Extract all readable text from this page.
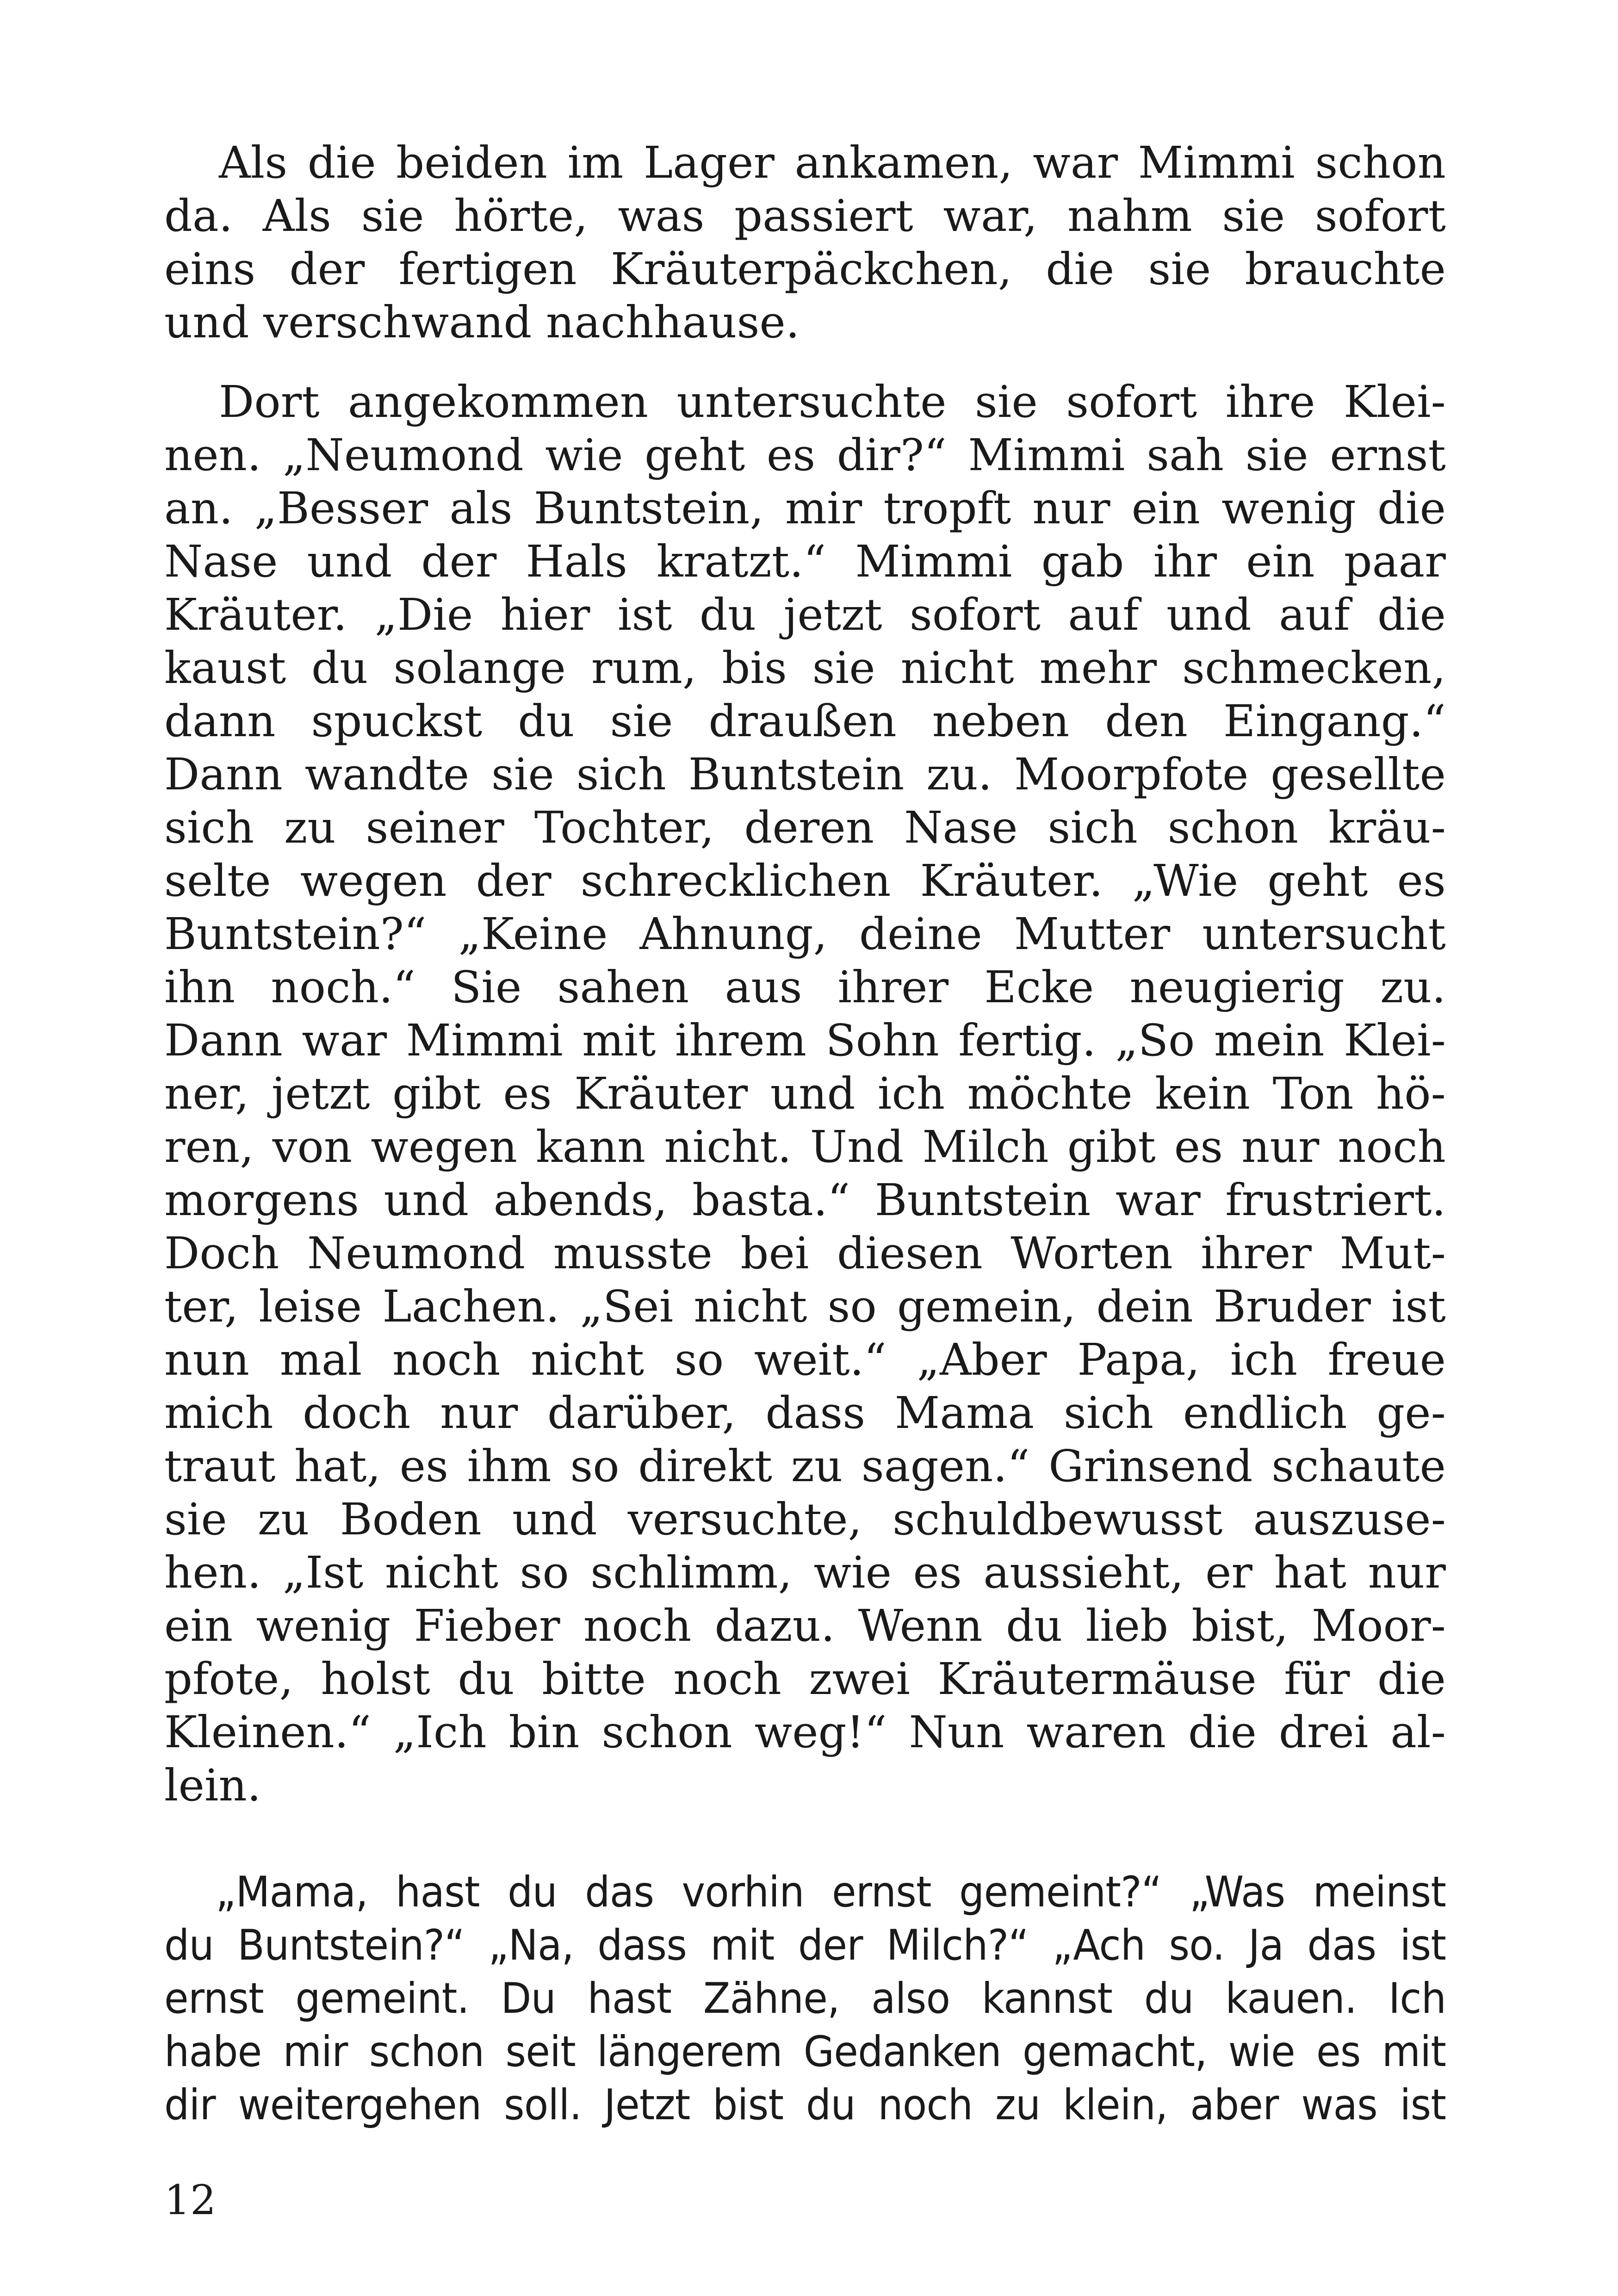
Als die beiden im Lager ankamen, war Mimmi schon
da. Als sie hörte, was passiert war, nahm sie sofort
eins der fertigen Kräuterpäckchen, die sie brauchte
und verschwand nachhause.
Dort angekommen untersuchte sie sofort ihre Klei-
nen. „Neumond wie geht es dir?“ Mimmi sah sie ernst
an. „Besser als Buntstein, mir tropft nur ein wenig die
Nase und der Hals kratzt.“ Mimmi gab ihr ein paar
Kräuter. „Die hier ist du jetzt sofort auf und auf die
kaust du solange rum, bis sie nicht mehr schmecken,
dann spuckst du sie draußen neben den Eingang.“
Dann wandte sie sich Buntstein zu. Moorpfote gesellte
sich zu seiner Tochter, deren Nase sich schon kräu-
selte wegen der schrecklichen Kräuter. „Wie geht es
Buntstein?“ „Keine Ahnung, deine Mutter untersucht
ihn noch.“ Sie sahen aus ihrer Ecke neugierig zu.
Dann war Mimmi mit ihrem Sohn fertig. „So mein Klei-
ner, jetzt gibt es Kräuter und ich möchte kein Ton hö-
ren, von wegen kann nicht. Und Milch gibt es nur noch
morgens und abends, basta.“ Buntstein war frustriert.
Doch Neumond musste bei diesen Worten ihrer Mut-
ter, leise Lachen. „Sei nicht so gemein, dein Bruder ist
nun mal noch nicht so weit.“ „Aber Papa, ich freue
mich doch nur darüber, dass Mama sich endlich ge-
traut hat, es ihm so direkt zu sagen.“ Grinsend schaute
sie zu Boden und versuchte, schuldbewusst auszuse-
hen. „Ist nicht so schlimm, wie es aussieht, er hat nur
ein wenig Fieber noch dazu. Wenn du lieb bist, Moor-
pfote, holst du bitte noch zwei Kräutermäuse für die
Kleinen.“ „Ich bin schon weg!“ Nun waren die drei al-
lein.
„Mama, hast du das vorhin ernst gemeint?“ „Was meinst
du Buntstein?“ „Na, dass mit der Milch?“ „Ach so. Ja das ist
ernst gemeint. Du hast Zähne, also kannst du kauen. Ich
habe mir schon seit längerem Gedanken gemacht, wie es mit
dir weitergehen soll. Jetzt bist du noch zu klein, aber was ist
12
